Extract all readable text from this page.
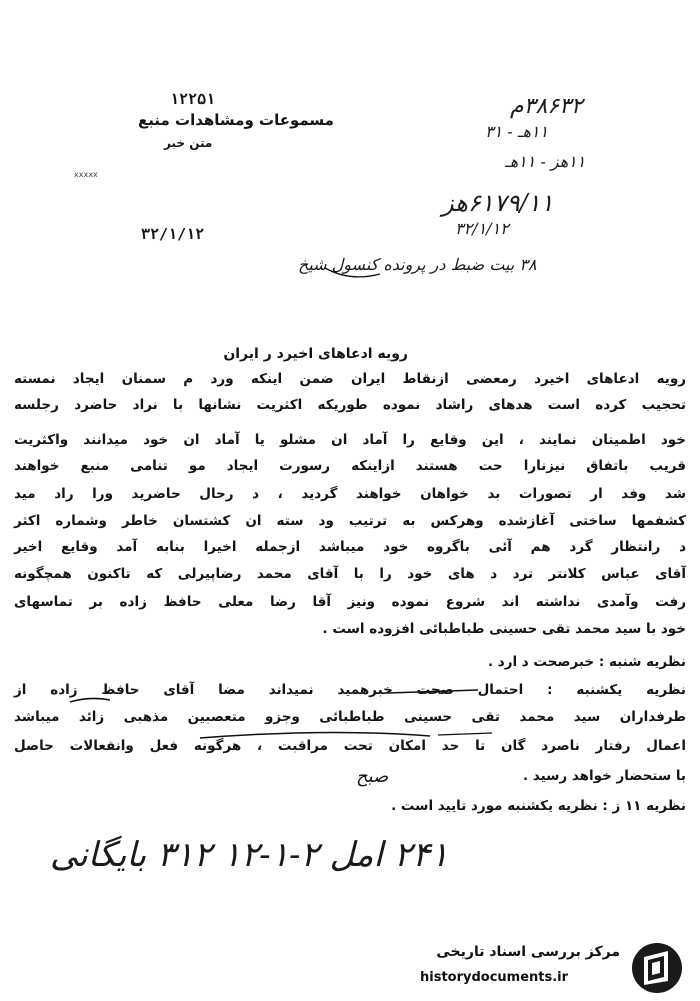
۱۲۲۵۱
مسموعات ومشاهدات منبع
متن خبر
xxxxx
۳۲/۱/۱۲
۳۸۶۳۲م
۱۱هـ - ۳۱
۱۱هز - ۱۱هـ
۶۱۷۹/۱۱هز
۳۲/۱/۱۲
۳۸ بیت ضبط در پرونده کنسول شیخ
رویه ادعاهای اخیرد ر ایران
رویه ادعاهای اخیرد رمعضی ازنقاط ایران ضمن اینکه ورد م سمنان ایجاد نمسته
تحجیب کرده است هدهای راشاد نموده طوریکه اکثریت نشانها با نراد حاضرد رجلسه
خود اطمینان نمایند ، این وقایع را آماد ان مشلو یا آماد ان خود میدانند واکثریت
قریب باتفاق نیزنارا حت هستند ازاینکه رسورت ایجاد مو تنامی منبع خواهند
شد وفد ار تصورات بد خواهان خواهند گردید ، د رحال حاضرید ورا راد مید
کشفمها ساختی آغازشده وهرکس به ترتیب ود سته ان کشتسان خاطر وشماره اکثر
د رانتظار گرد هم آئی باگروه خود میباشد ازجمله اخیرا بنابه آمد وقایع اخیر
آقای عباس کلانتر ترد د های خود را با آقای محمد رضاپیرلی که تاکنون همچگونه
رفت وآمدی نداشته اند شروع نموده ونیز آقا رضا معلی حافظ زاده بر تماسهای
خود با سید محمد تقی حسینی طباطبائی افزوده است .
نظریه شنبه : خبرصحت د ارد .
نظریه یکشنبه : احتمال صحت خبرهمید نمیداند مضا آقای حافظ زاده از
طرفداران سید محمد تقی حسینی طباطبائی وجزو متعصبین مذهبی زائد میباشد
اعمال رفتار ناصرد گان تا حد امکان تحت مراقبت ، هرگونه فعل وانفعالات حاصل
با ستحضار خواهد رسید .
صبح
نظریه ۱۱ ز : نظریه یکشنبه مورد تایید است .
۲۴۱ امل ۲-۱-۱۲ ۳۱۲ بایگانی
مرکز بررسی اسناد تاریخی
historydocuments.ir
